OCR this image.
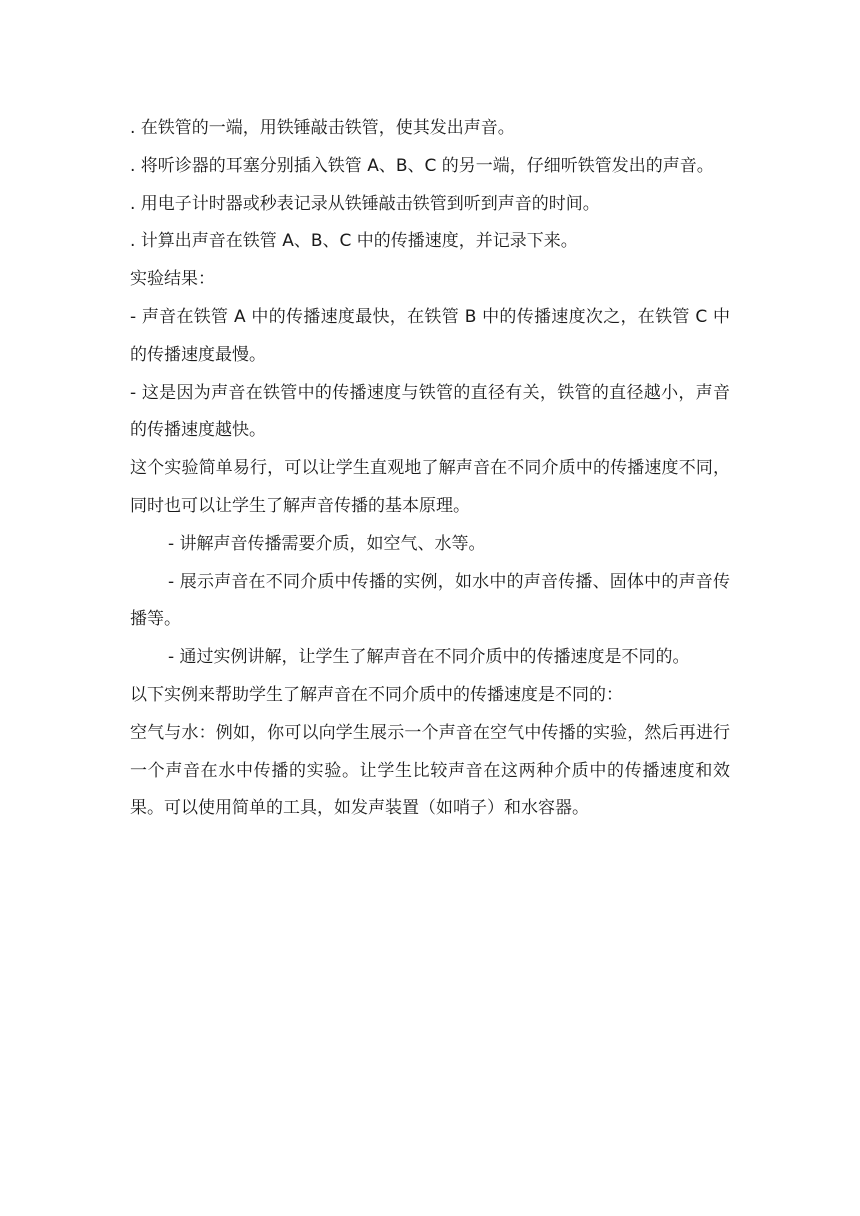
. 在铁管的一端，用铁锤敲击铁管，使其发出声音。

. 将听诊器的耳塞分别插入铁管 A、B、C 的另一端，仔细听铁管发出的声音。

. 用电子计时器或秒表记录从铁锤敲击铁管到听到声音的时间。

. 计算出声音在铁管 A、B、C 中的传播速度，并记录下来。

实验结果：

- 声音在铁管 A 中的传播速度最快，在铁管 B 中的传播速度次之，在铁管 C 中的传播速度最慢。

- 这是因为声音在铁管中的传播速度与铁管的直径有关，铁管的直径越小，声音的传播速度越快。

这个实验简单易行，可以让学生直观地了解声音在不同介质中的传播速度不同，同时也可以让学生了解声音传播的基本原理。

- 讲解声音传播需要介质，如空气、水等。

- 展示声音在不同介质中传播的实例，如水中的声音传播、固体中的声音传播等。

- 通过实例讲解，让学生了解声音在不同介质中的传播速度是不同的。

以下实例来帮助学生了解声音在不同介质中的传播速度是不同的：

空气与水：例如，你可以向学生展示一个声音在空气中传播的实验，然后再进行一个声音在水中传播的实验。让学生比较声音在这两种介质中的传播速度和效果。可以使用简单的工具，如发声装置（如哨子）和水容器。
